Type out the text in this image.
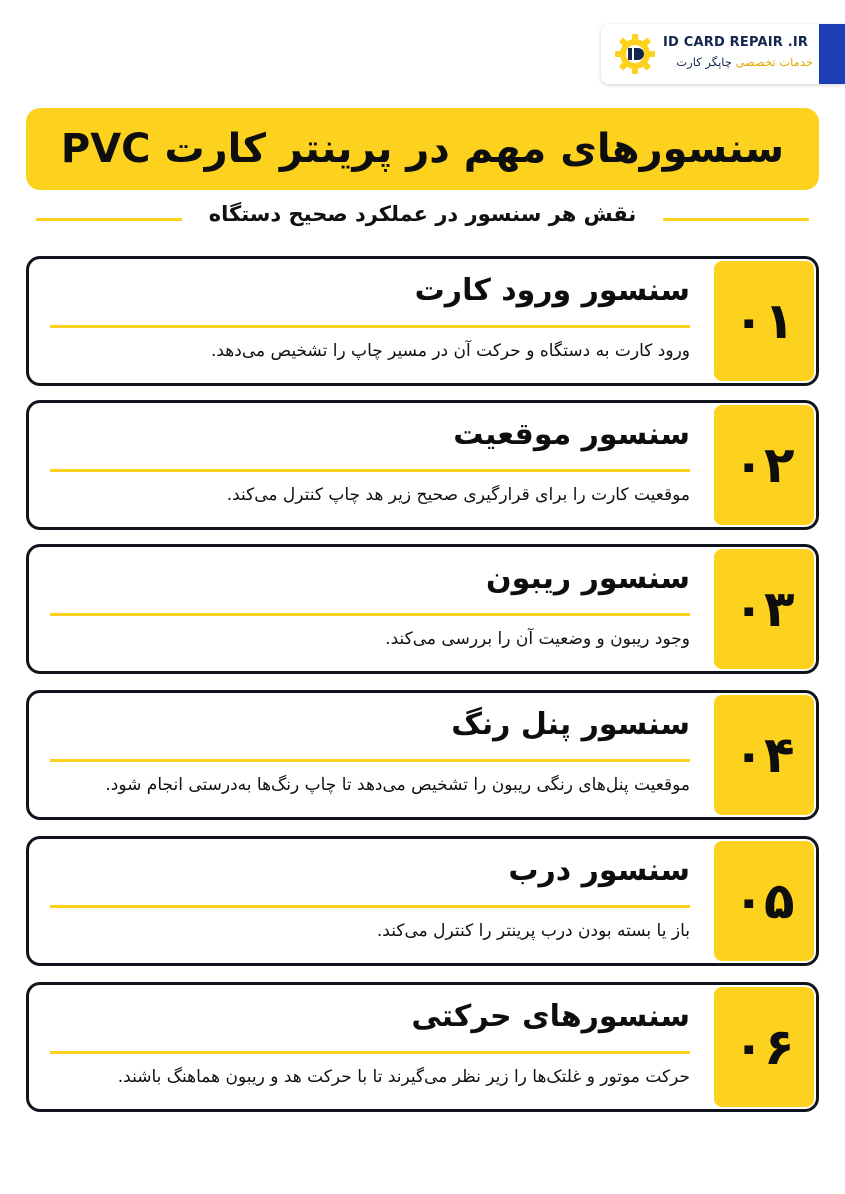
ID CARD REPAIR .IR
خدمات تخصصی چاپگر کارت
سنسورهای مهم در پرینتر کارت PVC
نقش هر سنسور در عملکرد صحیح دستگاه
۰۱
سنسور ورود کارت
ورود کارت به دستگاه و حرکت آن در مسیر چاپ را تشخیص می‌دهد.
۰۲
سنسور موقعیت
موقعیت کارت را برای قرارگیری صحیح زیر هد چاپ کنترل می‌کند.
۰۳
سنسور ریبون
وجود ریبون و وضعیت آن را بررسی می‌کند.
۰۴
سنسور پنل رنگ
موقعیت پنل‌های رنگی ریبون را تشخیص می‌دهد تا چاپ رنگ‌ها به‌درستی انجام شود.
۰۵
سنسور درب
باز یا بسته بودن درب پرینتر را کنترل می‌کند.
۰۶
سنسورهای حرکتی
حرکت موتور و غلتک‌ها را زیر نظر می‌گیرند تا با حرکت هد و ریبون هماهنگ باشند.
